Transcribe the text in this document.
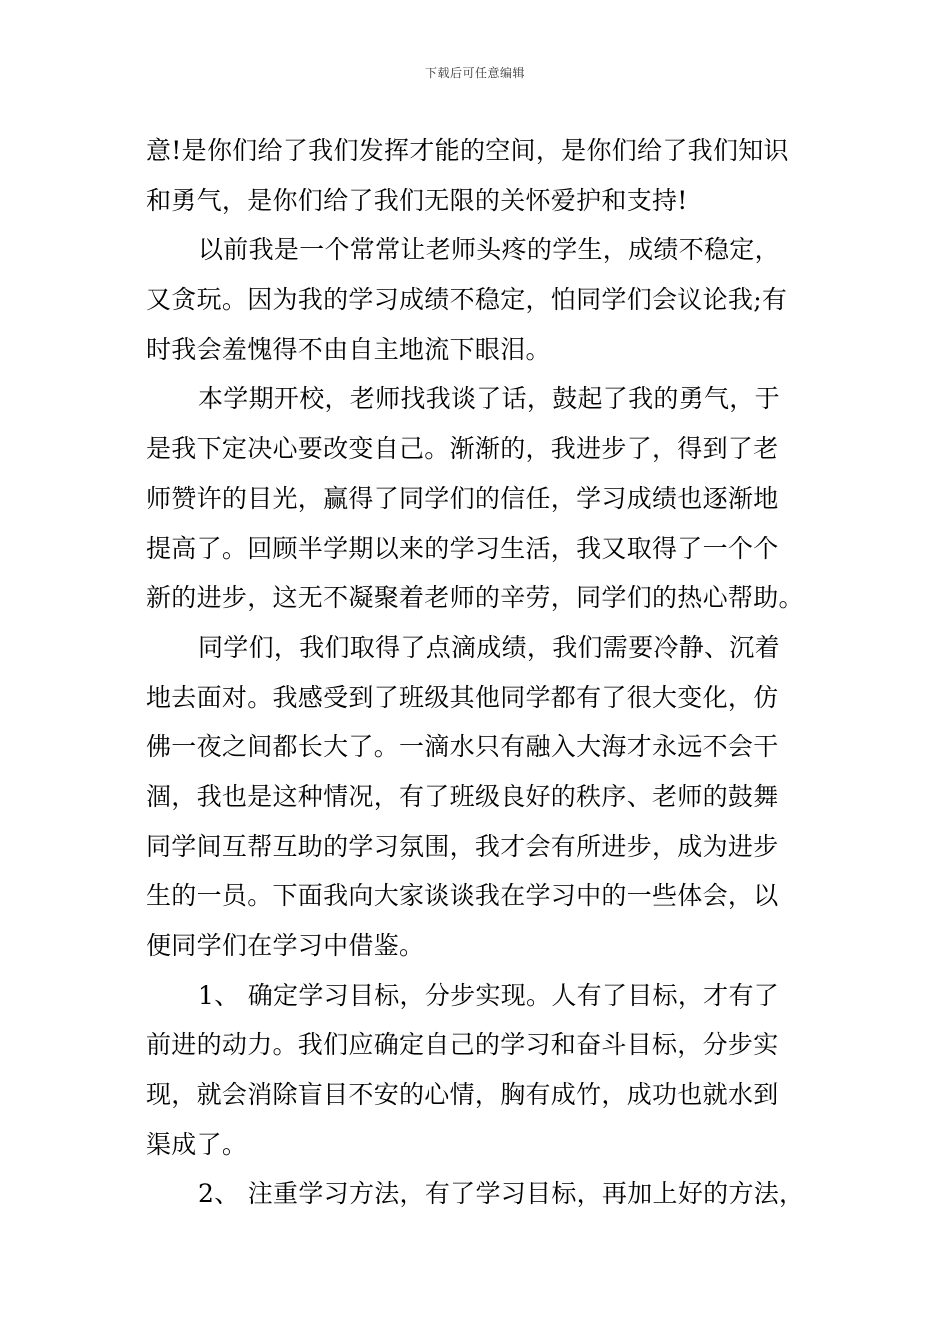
下载后可任意编辑
意!是你们给了我们发挥才能的空间，是你们给了我们知识
和勇气，是你们给了我们无限的关怀爱护和支持!
以前我是一个常常让老师头疼的学生，成绩不稳定，
又贪玩。因为我的学习成绩不稳定，怕同学们会议论我;有
时我会羞愧得不由自主地流下眼泪。
本学期开校，老师找我谈了话，鼓起了我的勇气，于
是我下定决心要改变自己。渐渐的，我进步了，得到了老
师赞许的目光，赢得了同学们的信任，学习成绩也逐渐地
提高了。回顾半学期以来的学习生活，我又取得了一个个
新的进步，这无不凝聚着老师的辛劳，同学们的热心帮助。
同学们，我们取得了点滴成绩，我们需要冷静、沉着
地去面对。我感受到了班级其他同学都有了很大变化，仿
佛一夜之间都长大了。一滴水只有融入大海才永远不会干
涸，我也是这种情况，有了班级良好的秩序、老师的鼓舞
同学间互帮互助的学习氛围，我才会有所进步，成为进步
生的一员。下面我向大家谈谈我在学习中的一些体会，以
便同学们在学习中借鉴。
1、 确定学习目标，分步实现。人有了目标，才有了
前进的动力。我们应确定自己的学习和奋斗目标，分步实
现，就会消除盲目不安的心情，胸有成竹，成功也就水到
渠成了。
2、 注重学习方法，有了学习目标，再加上好的方法，
